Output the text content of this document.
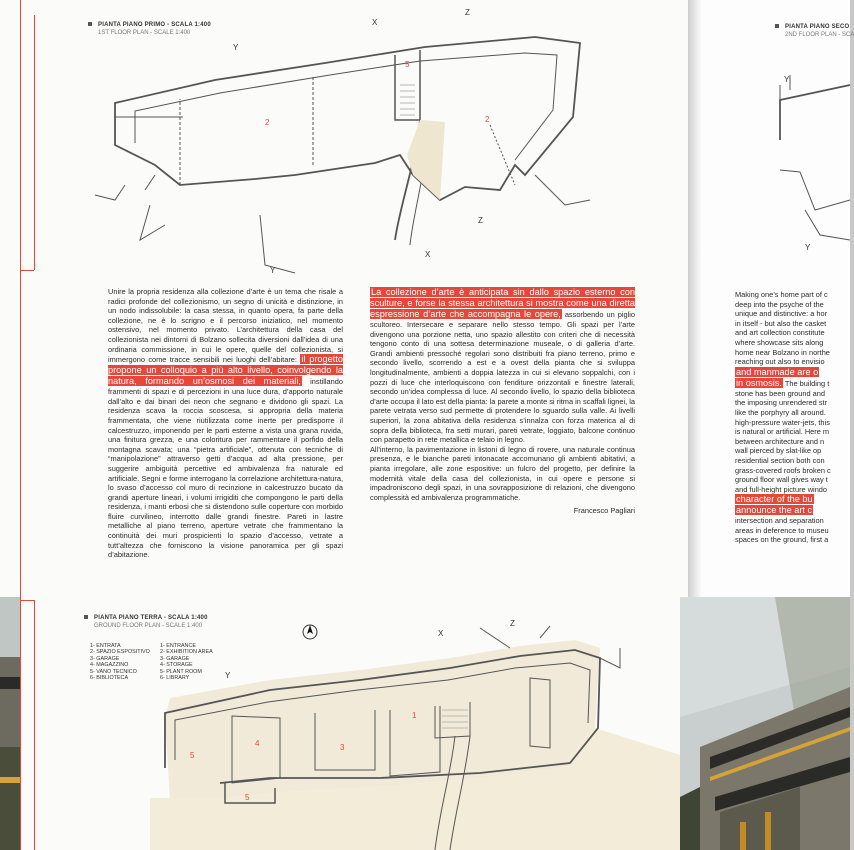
PIANTA PIANO PRIMO - SCALA 1:400
1ST FLOOR PLAN - SCALE 1:400
2	2
5
Y
X
Z
Z
X
Y
Unire la propria residenza alla collezione d’arte è un tema che risale a radici profonde del collezionismo, un segno di unicità e distinzione, in un nodo indissolubile: la casa stessa, in quanto opera, fa parte della collezione, ne è lo scrigno e il percorso iniziatico, nel momento ostensivo, nel momento privato. L’architettura della casa del collezionista nei dintorni di Bolzano sollecita diversioni dall’idea di una ordinaria commissione, in cui le opere, quelle del collezionista, si immergono come tracce sensibili nei luoghi dell’abitare: il progetto propone un colloquio a più alto livello, coinvolgendo la natura, formando un’osmosi dei materiali, instillando frammenti di spazi e di percezioni in una luce dura, d’apporto naturale dall’alto e dai binari dei neon che segnano e dividono gli spazi. La residenza scava la roccia scoscesa, si appropria della materia frammentata, che viene riutilizzata come inerte per predisporre il calcestruzzo, imponendo per le parti esterne a vista una grana ruvida, una finitura grezza, e una coloritura per rammentare il porfido della montagna scavata; una “pietra artificiale”, ottenuta con tecniche di “manipolazione” attraverso getti d’acqua ad alta pressione, per suggerire ambiguità percettive ed ambivalenza fra naturale ed artificiale. Segni e forme interrogano la correlazione architettura-natura, lo svaso d’accesso col muro di recinzione in calcestruzzo bucato da grandi aperture lineari, i volumi irrigiditi che compongono le parti della residenza, i manti erbosi che si distendono sulle coperture con morbido fluire curvilineo, interrotto dalle grandi finestre. Pareti in lastre metalliche al piano terreno, aperture vetrate che frammentano la continuità dei muri prospicienti lo spazio d’accesso, vetrate a tutt’altezza che forniscono la visione panoramica per gli spazi d’abitazione.
La collezione d’arte è anticipata sin dallo spazio esterno con sculture, e forse la stessa architettura si mostra come una diretta espressione d’arte che accompagna le opere, assorbendo un piglio scultoreo. Intersecare e separare nello stesso tempo. Gli spazi per l’arte divengono una porzione netta, uno spazio allestito con criteri che di necessità tengono conto di una sottesa determinazione museale, o di galleria d’arte. Grandi ambienti pressoché regolari sono distribuiti fra piano terreno, primo e secondo livello, scorrendo a est e a ovest della pianta che si sviluppa longitudinalmente, ambienti a doppia latezza in cui si elevano soppalchi, con i pozzi di luce che interloquiscono con fenditure orizzontali e finestre laterali, secondo un’idea complessa di luce. Al secondo livello, lo spazio della biblioteca d’arte occupa il lato est della pianta: la parete a monte si ritma in scaffali lignei, la parete vetrata verso sud permette di protendere lo sguardo sulla valle. Ai livelli superiori, la zona abitativa della residenza s’innalza con forza materica al di sopra della biblioteca, fra setti murari, pareti vetrate, loggiato, balcone continuo con parapetto in rete metallica e telaio in legno.
All’interno, la pavimentazione in listoni di legno di rovere, una naturale continua presenza, e le bianche pareti intonacate accomunano gli ambienti abitativi, a pianta irregolare, alle zone espositive: un fulcro del progetto, per definire la modernità vitale della casa del collezionista, in cui opere e persone si impadroniscono degli spazi, in una sovrapposizione di relazioni, che divengono complessità ed ambivalenza programmatiche.
Francesco Pagliari
PIANTA PIANO TERRA - SCALA 1:400
GROUND FLOOR PLAN - SCALE 1:400
1- ENTRATA
2- SPAZIO ESPOSITIVO
3- GARAGE
4- MAGAZZINO
5- VANO TECNICO
6- BIBLIOTECA
1- ENTRANCE
2- EXHIBITION AREA
3- GARAGE
4- STORAGE
5- PLANT ROOM
6- LIBRARY
5
4	3
1
5
Y
X
Z
PIANTA PIANO SECO
2ND FLOOR PLAN - SCA
Y
Y
Making one’s home part of c
deep into the psyche of the
unique and distinctive: a hor
in itself - but also the casket
and art collection constitute
where showcase sits along
home near Bolzano in northe
reaching out also to envisio
and manmade are o
in osmosis. The building t
stone has been ground and
the imposing unrendered str
like the porphyry all around.
high-pressure water-jets, this
is natural or artificial. Here m
between architecture and n
wall pierced by slat-like op
residential section both con
grass-covered roofs broken c
ground floor wall gives way t
and full-height picture windo
character of the bu
announce the art c
intersection and separation
areas in deference to museu
spaces on the ground, first a
